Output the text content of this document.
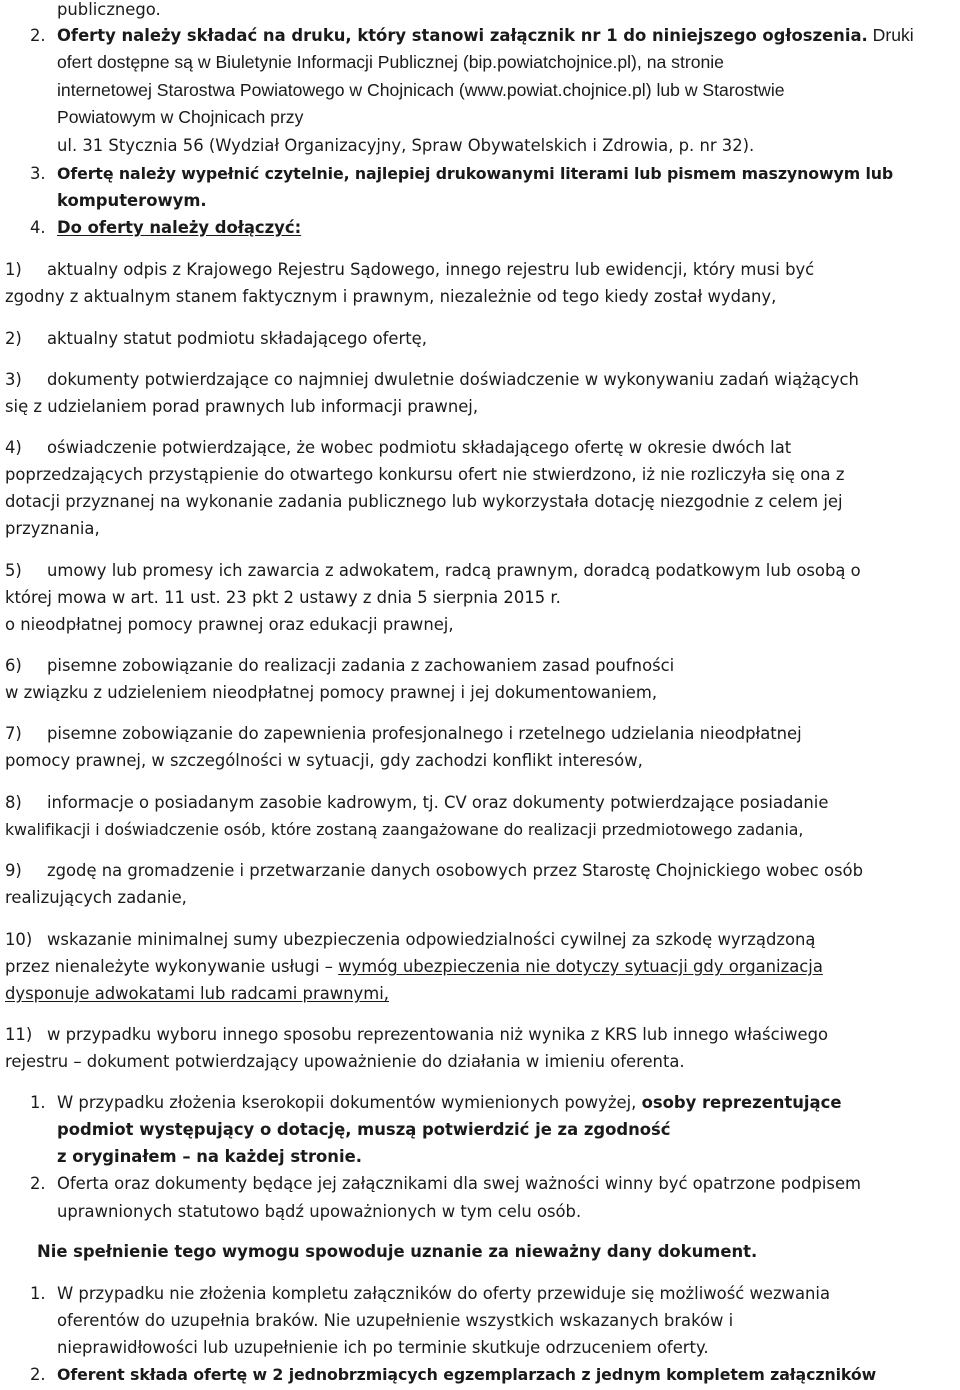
publicznego.
2. Oferty należy składać na druku, który stanowi załącznik nr 1 do niniejszego ogłoszenia. Druki
ofert dostępne są w Biuletynie Informacji Publicznej (bip.powiatchojnice.pl), na stronie
internetowej Starostwa Powiatowego w Chojnicach (www.powiat.chojnice.pl) lub w Starostwie
Powiatowym w Chojnicach przy
ul. 31 Stycznia 56 (Wydział Organizacyjny, Spraw Obywatelskich i Zdrowia, p. nr 32).
3. Ofertę należy wypełnić czytelnie, najlepiej drukowanymi literami lub pismem maszynowym lub
komputerowym.
4. Do oferty należy dołączyć:
1) aktualny odpis z Krajowego Rejestru Sądowego, innego rejestru lub ewidencji, który musi być
zgodny z aktualnym stanem faktycznym i prawnym, niezależnie od tego kiedy został wydany,
2) aktualny statut podmiotu składającego ofertę,
3) dokumenty potwierdzające co najmniej dwuletnie doświadczenie w wykonywaniu zadań wiążących
się z udzielaniem porad prawnych lub informacji prawnej,
4) oświadczenie potwierdzające, że wobec podmiotu składającego ofertę w okresie dwóch lat
poprzedzających przystąpienie do otwartego konkursu ofert nie stwierdzono, iż nie rozliczyła się ona z
dotacji przyznanej na wykonanie zadania publicznego lub wykorzystała dotację niezgodnie z celem jej
przyznania,
5) umowy lub promesy ich zawarcia z adwokatem, radcą prawnym, doradcą podatkowym lub osobą o
której mowa w art. 11 ust. 23 pkt 2 ustawy z dnia 5 sierpnia 2015 r.
o nieodpłatnej pomocy prawnej oraz edukacji prawnej,
6) pisemne zobowiązanie do realizacji zadania z zachowaniem zasad poufności
w związku z udzieleniem nieodpłatnej pomocy prawnej i jej dokumentowaniem,
7) pisemne zobowiązanie do zapewnienia profesjonalnego i rzetelnego udzielania nieodpłatnej
pomocy prawnej, w szczególności w sytuacji, gdy zachodzi konflikt interesów,
8) informacje o posiadanym zasobie kadrowym, tj. CV oraz dokumenty potwierdzające posiadanie
kwalifikacji i doświadczenie osób, które zostaną zaangażowane do realizacji przedmiotowego zadania,
9) zgodę na gromadzenie i przetwarzanie danych osobowych przez Starostę Chojnickiego wobec osób
realizujących zadanie,
10) wskazanie minimalnej sumy ubezpieczenia odpowiedzialności cywilnej za szkodę wyrządzoną
przez nienależyte wykonywanie usługi – wymóg ubezpieczenia nie dotyczy sytuacji gdy organizacja
dysponuje adwokatami lub radcami prawnymi,
11) w przypadku wyboru innego sposobu reprezentowania niż wynika z KRS lub innego właściwego
rejestru – dokument potwierdzający upoważnienie do działania w imieniu oferenta.
1. W przypadku złożenia kserokopii dokumentów wymienionych powyżej, osoby reprezentujące
podmiot występujący o dotację, muszą potwierdzić je za zgodność
z oryginałem – na każdej stronie.
2. Oferta oraz dokumenty będące jej załącznikami dla swej ważności winny być opatrzone podpisem
uprawnionych statutowo bądź upoważnionych w tym celu osób.
Nie spełnienie tego wymogu spowoduje uznanie za nieważny dany dokument.
1. W przypadku nie złożenia kompletu załączników do oferty przewiduje się możliwość wezwania
oferentów do uzupełnia braków. Nie uzupełnienie wszystkich wskazanych braków i
nieprawidłowości lub uzupełnienie ich po terminie skutkuje odrzuceniem oferty.
2. Oferent składa ofertę w 2 jednobrzmiących egzemplarzach z jednym kompletem załączników
